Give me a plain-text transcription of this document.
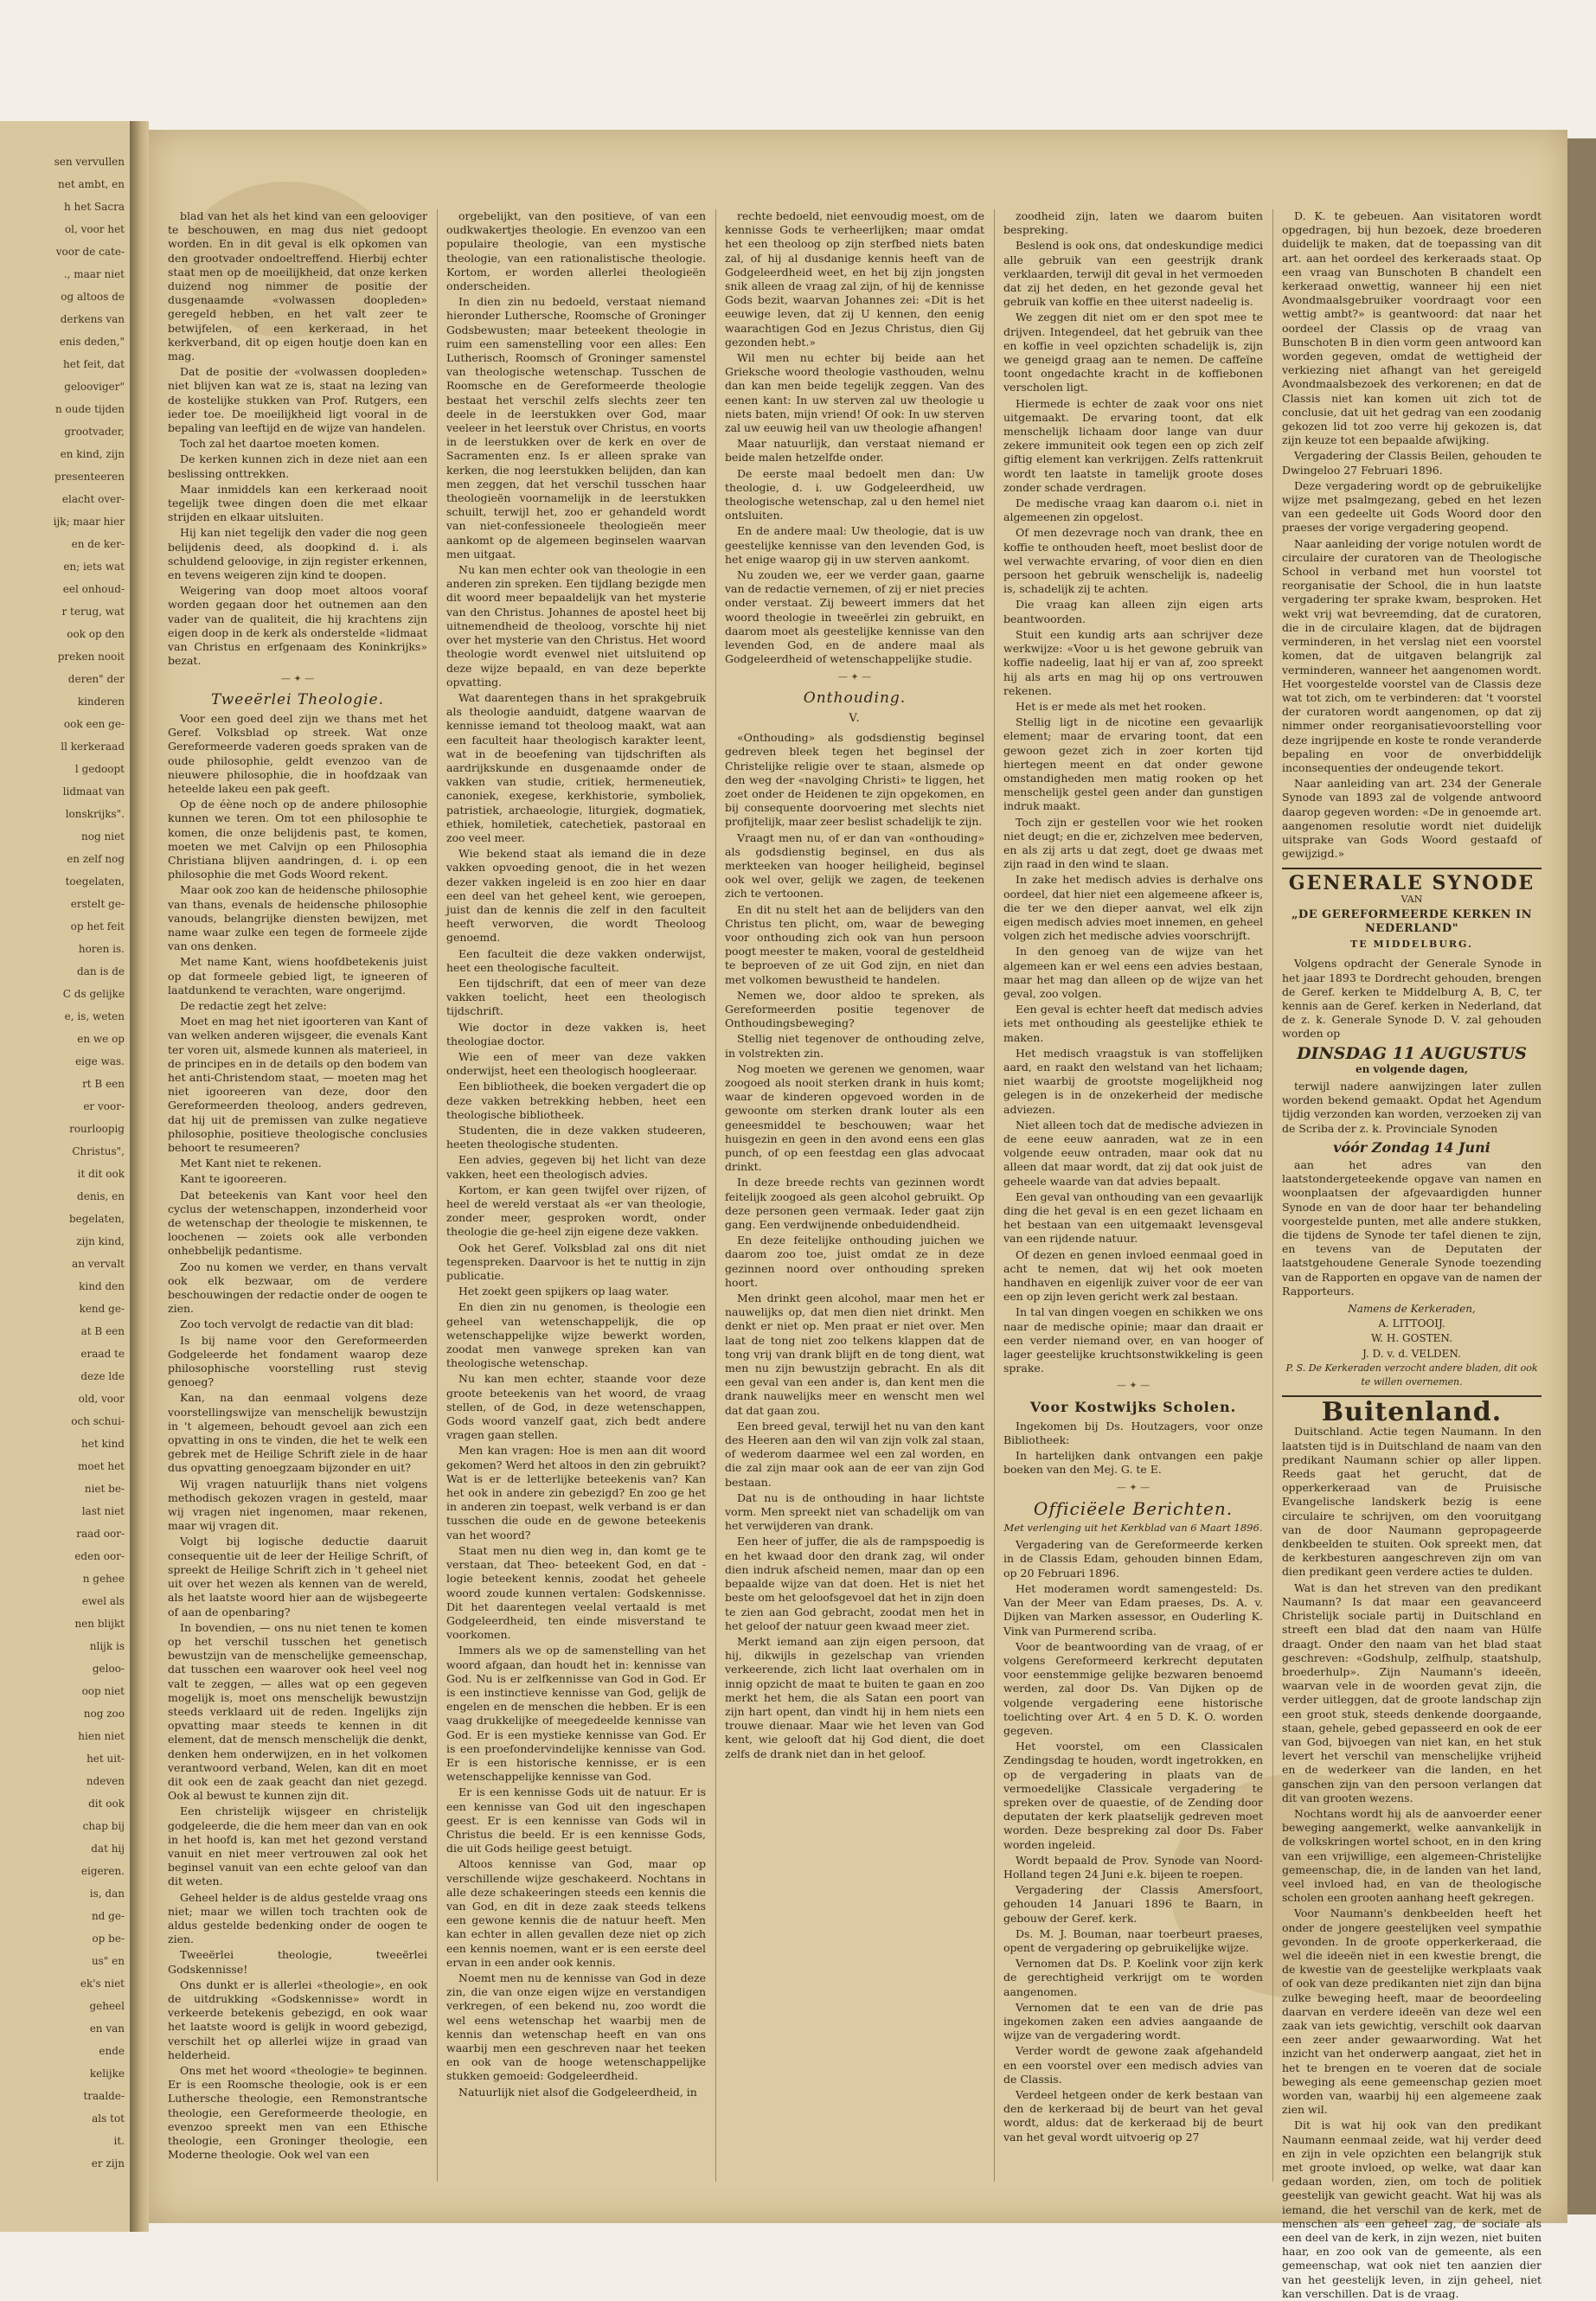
sen vervullen
net ambt, en
h het Sacra
ol, voor het
voor de cate-
., maar niet
og altoos de
derkens van
enis deden,"
het feit, dat
gelooviger"
n oude tijden
grootvader,
en kind, zijn
presenteeren
elacht over-
ijk; maar hier
en de ker-
en; iets wat
eel onhoud-
r terug, wat
ook op den
preken nooit
deren" der
kinderen
ook een ge-
ll kerkeraad
l gedoopt
lidmaat van
lonskrijks".
nog niet
en zelf nog
toegelaten,
erstelt ge-
op het feit
horen is.
dan is de
C ds gelijke
e, is, weten
en we op
eige was.
rt B een
er voor-
rourloopig
Christus",
it dit ook
denis, en
begelaten,
zijn kind,
an vervalt
kind den
kend ge-
at B een
eraad te
deze lde
old, voor
och schui-
het kind
moet het
niet be-
last niet
raad oor-
eden oor-
n gehee
ewel als
nen blijkt
nlijk is
geloo-
oop niet
nog zoo
hien niet
het uit-
ndeven
dit ook
chap bij
dat hij
eigeren.
is, dan
nd ge-
op be-
us" en
ek's niet
geheel
en van
ende
kelijke
traalde-
als tot
it.
er zijn

blad van het als het kind van een gelooviger te beschouwen, en mag dus niet gedoopt worden. En in dit geval is elk opkomen van den grootvader ondoeltreffend. Hierbij echter staat men op de moeilijkheid, dat onze kerken duizend nog nimmer de positie der dusgenaamde «volwassen doopleden» geregeld hebben, en het valt zeer te betwijfelen, of een kerkeraad, in het kerkverband, dit op eigen houtje doen kan en mag.

Dat de positie der «volwassen doopleden» niet blijven kan wat ze is, staat na lezing van de kostelijke stukken van Prof. Rutgers, een ieder toe. De moeilijkheid ligt vooral in de bepaling van leeftijd en de wijze van handelen.

Toch zal het daartoe moeten komen.

De kerken kunnen zich in deze niet aan een beslissing onttrekken.

Maar inmiddels kan een kerkeraad nooit tegelijk twee dingen doen die met elkaar strijden en elkaar uitsluiten.

Hij kan niet tegelijk den vader die nog geen belijdenis deed, als doopkind d. i. als schuldend geloovige, in zijn register erkennen, en tevens weigeren zijn kind te doopen.

Weigering van doop moet altoos vooraf worden gegaan door het outnemen aan den vader van de qualiteit, die hij krachtens zijn eigen doop in de kerk als onderstelde «lidmaat van Christus en erfgenaam des Koninkrijks» bezat.

— ✦ —
Tweeërlei Theologie.

Voor een goed deel zijn we thans met het Geref. Volksblad op streek. Wat onze Gereformeerde vaderen goeds spraken van de oude philosophie, geldt evenzoo van de nieuwere philosophie, die in hoofdzaak van heteelde lakeu een pak geeft.

Op de éène noch op de andere philosophie kunnen we teren. Om tot een philosophie te komen, die onze belijdenis past, te komen, moeten we met Calvijn op een Philosophia Christiana blijven aandringen, d. i. op een philosophie die met Gods Woord rekent.

Maar ook zoo kan de heidensche philosophie van thans, evenals de heidensche philosophie vanouds, belangrijke diensten bewijzen, met name waar zulke een tegen de formeele zijde van ons denken.

Met name Kant, wiens hoofdbetekenis juist op dat formeele gebied ligt, te igneeren of laatdunkend te verachten, ware ongerijmd.

De redactie zegt het zelve:

Moet en mag het niet igoorteren van Kant of van welken anderen wijsgeer, die evenals Kant ter voren uit, alsmede kunnen als materieel, in de principes en in de details op den bodem van het anti-Christendom staat, — moeten mag het niet igooreeren van deze, door den Gereformeerden theoloog, anders gedreven, dat hij uit de premissen van zulke negatieve philosophie, positieve theologische conclusies behoort te resumeeren?

Met Kant niet te rekenen.

Kant te igooreeren.

Dat beteekenis van Kant voor heel den cyclus der wetenschappen, inzonderheid voor de wetenschap der theologie te miskennen, te loochenen — zoiets ook alle verbonden onhebbelijk pedantisme.

Zoo nu komen we verder, en thans vervalt ook elk bezwaar, om de verdere beschouwingen der redactie onder de oogen te zien.

Zoo toch vervolgt de redactie van dit blad:

Is bij name voor den Gereformeerden Godgeleerde het fondament waarop deze philosophische voorstelling rust stevig genoeg?

Kan, na dan eenmaal volgens deze voorstellingswijze van menschelijk bewustzijn in 't algemeen, behoudt gevoel aan zich een opvatting in ons te vinden, die het te welk een gebrek met de Heilige Schrift ziele in de haar dus opvatting genoegzaam bijzonder en uit?

Wij vragen natuurlijk thans niet volgens methodisch gekozen vragen in gesteld, maar wij vragen niet ingenomen, maar rekenen, maar wij vragen dit.

Volgt bij logische deductie daaruit consequentie uit de leer der Heilige Schrift, of spreekt de Heilige Schrift zich in 't geheel niet uit over het wezen als kennen van de wereld, als het laatste woord hier aan de wijsbegeerte of aan de openbaring?

In bovendien, — ons nu niet tenen te komen op het verschil tusschen het genetisch bewustzijn van de menschelijke gemeenschap, dat tusschen een waarover ook heel veel nog valt te zeggen, — alles wat op een gegeven mogelijk is, moet ons menschelijk bewustzijn steeds verklaard uit de reden. Ingelijks zijn opvatting maar steeds te kennen in dit element, dat de mensch menschelijk die denkt, denken hem onderwijzen, en in het volkomen verantwoord verband, Welen, kan dit en moet dit ook een de zaak geacht dan niet gezegd. Ook al bewust te kunnen zijn dit.

Een christelijk wijsgeer en christelijk godgeleerde, die die hem meer dan van en ook in het hoofd is, kan met het gezond verstand vanuit en niet meer vertrouwen zal ook het beginsel vanuit van een echte geloof van dan dit weten.

Geheel helder is de aldus gestelde vraag ons niet; maar we willen toch trachten ook de aldus gestelde bedenking onder de oogen te zien.

Tweeërlei theologie, tweeërlei Godskennisse!

Ons dunkt er is allerlei «theologie», en ook de uitdrukking «Godskennisse» wordt in verkeerde betekenis gebezigd, en ook waar het laatste woord is gelijk in woord gebezigd, verschilt het op allerlei wijze in graad van helderheid.

Ons met het woord «theologie» te beginnen. Er is een Roomsche theologie, ook is er een Luthersche theologie, een Remonstrantsche theologie, een Gereformeerde theologie, en evenzoo spreekt men van een Ethische theologie, een Groninger theologie, een Moderne theologie. Ook wel van een

orgebelijkt, van den positieve, of van een oudkwakertjes theologie. En evenzoo van een populaire theologie, van een mystische theologie, van een rationalistische theologie. Kortom, er worden allerlei theologieën onderscheiden.

In dien zin nu bedoeld, verstaat niemand hieronder Luthersche, Roomsche of Groninger Godsbewusten; maar beteekent theologie in ruim een samenstelling voor een alles: Een Lutherisch, Roomsch of Groninger samenstel van theologische wetenschap. Tusschen de Roomsche en de Gereformeerde theologie bestaat het verschil zelfs slechts zeer ten deele in de leerstukken over God, maar veeleer in het leerstuk over Christus, en voorts in de leerstukken over de kerk en over de Sacramenten enz. Is er alleen sprake van kerken, die nog leerstukken belijden, dan kan men zeggen, dat het verschil tusschen haar theologieën voornamelijk in de leerstukken schuilt, terwijl het, zoo er gehandeld wordt van niet-confessioneele theologieën meer aankomt op de algemeen beginselen waarvan men uitgaat.

Nu kan men echter ook van theologie in een anderen zin spreken. Een tijdlang bezigde men dit woord meer bepaaldelijk van het mysterie van den Christus. Johannes de apostel heet bij uitnemendheid de theoloog, vorschte hij niet over het mysterie van den Christus. Het woord theologie wordt evenwel niet uitsluitend op deze wijze bepaald, en van deze beperkte opvatting.

Wat daarentegen thans in het sprakgebruik als theologie aanduidt, datgene waarvan de kennisse iemand tot theoloog maakt, wat aan een faculteit haar theologisch karakter leent, wat in de beoefening van tijdschriften als aardrijkskunde en dusgenaamde onder de vakken van studie, critiek, hermeneutiek, canoniek, exegese, kerkhistorie, symboliek, patristiek, archaeologie, liturgiek, dogmatiek, ethiek, homiletiek, catechetiek, pastoraal en zoo veel meer.

Wie bekend staat als iemand die in deze vakken opvoeding genoot, die in het wezen dezer vakken ingeleid is en zoo hier en daar een deel van het geheel kent, wie geroepen, juist dan de kennis die zelf in den faculteit heeft verworven, die wordt Theoloog genoemd.

Een faculteit die deze vakken onderwijst, heet een theologische faculteit.

Een tijdschrift, dat een of meer van deze vakken toelicht, heet een theologisch tijdschrift.

Wie doctor in deze vakken is, heet theologiae doctor.

Wie een of meer van deze vakken onderwijst, heet een theologisch hoogleeraar.

Een bibliotheek, die boeken vergadert die op deze vakken betrekking hebben, heet een theologische bibliotheek.

Studenten, die in deze vakken studeeren, heeten theologische studenten.

Een advies, gegeven bij het licht van deze vakken, heet een theologisch advies.

Kortom, er kan geen twijfel over rijzen, of heel de wereld verstaat als «er van theologie, zonder meer, gesproken wordt, onder theologie die ge-heel zijn eigene deze vakken.

Ook het Geref. Volksblad zal ons dit niet tegenspreken. Daarvoor is het te nuttig in zijn publicatie.

Het zoekt geen spijkers op laag water.

En dien zin nu genomen, is theologie een geheel van wetenschappelijk, die op wetenschappelijke wijze bewerkt worden, zoodat men vanwege spreken kan van theologische wetenschap.

Nu kan men echter, staande voor deze groote beteekenis van het woord, de vraag stellen, of de God, in deze wetenschappen, Gods woord vanzelf gaat, zich bedt andere vragen gaan stellen.

Men kan vragen: Hoe is men aan dit woord gekomen? Werd het altoos in den zin gebruikt? Wat is er de letterlijke beteekenis van? Kan het ook in andere zin gebezigd? En zoo ge het in anderen zin toepast, welk verband is er dan tusschen die oude en de gewone beteekenis van het woord?

Staat men nu dien weg in, dan komt ge te verstaan, dat Theo- beteekent God, en dat -logie beteekent kennis, zoodat het geheele woord zoude kunnen vertalen: Godskennisse. Dit het daarentegen veelal vertaald is met Godgeleerdheid, ten einde misverstand te voorkomen.

Immers als we op de samenstelling van het woord afgaan, dan houdt het in: kennisse van God. Nu is er zelfkennisse van God in God. Er is een instinctieve kennisse van God, gelijk de engelen en de menschen die hebben. Er is een vaag drukkelijke of meegedeelde kennisse van God. Er is een mystieke kennisse van God. Er is een proefondervindelijke kennisse van God. Er is een historische kennisse, er is een wetenschappelijke kennisse van God.

Er is een kennisse Gods uit de natuur. Er is een kennisse van God uit den ingeschapen geest. Er is een kennisse van Gods wil in Christus die beeld. Er is een kennisse Gods, die uit Gods heilige geest betuigt.

Altoos kennisse van God, maar op verschillende wijze geschakeerd. Nochtans in alle deze schakeeringen steeds een kennis die van God, en dit in deze zaak steeds telkens een gewone kennis die de natuur heeft. Men kan echter in allen gevallen deze niet op zich een kennis noemen, want er is een eerste deel ervan in een ander ook kennis.

Noemt men nu de kennisse van God in deze zin, die van onze eigen wijze en verstandigen verkregen, of een bekend nu, zoo wordt die wel eens wetenschap het waarbij men de kennis dan wetenschap heeft en van ons waarbij men een geschreven naar het teeken en ook van de hooge wetenschappelijke stukken gemoeid: Godgeleerdheid.

Natuurlijk niet alsof die Godgeleerdheid, in

rechte bedoeld, niet eenvoudig moest, om de kennisse Gods te verheerlijken; maar omdat het een theoloog op zijn sterfbed niets baten zal, of hij al dusdanige kennis heeft van de Godgeleerdheid weet, en het bij zijn jongsten snik alleen de vraag zal zijn, of hij de kennisse Gods bezit, waarvan Johannes zei: «Dit is het eeuwige leven, dat zij U kennen, den eenig waarachtigen God en Jezus Christus, dien Gij gezonden hebt.»

Wil men nu echter bij beide aan het Grieksche woord theologie vasthouden, welnu dan kan men beide tegelijk zeggen. Van des eenen kant: In uw sterven zal uw theologie u niets baten, mijn vriend! Of ook: In uw sterven zal uw eeuwig heil van uw theologie afhangen!

Maar natuurlijk, dan verstaat niemand er beide malen hetzelfde onder.

De eerste maal bedoelt men dan: Uw theologie, d. i. uw Godgeleerdheid, uw theologische wetenschap, zal u den hemel niet ontsluiten.

En de andere maal: Uw theologie, dat is uw geestelijke kennisse van den levenden God, is het enige waarop gij in uw sterven aankomt.

Nu zouden we, eer we verder gaan, gaarne van de redactie vernemen, of zij er niet precies onder verstaat. Zij beweert immers dat het woord theologie in tweeërlei zin gebruikt, en daarom moet als geestelijke kennisse van den levenden God, en de andere maal als Godgeleerdheid of wetenschappelijke studie.

— ✦ —
Onthouding.
V.

«Onthouding» als godsdienstig beginsel gedreven bleek tegen het beginsel der Christelijke religie over te staan, alsmede op den weg der «navolging Christi» te liggen, het zoet onder de Heidenen te zijn opgekomen, en bij consequente doorvoering met slechts niet profijtelijk, maar zeer beslist schadelijk te zijn.

Vraagt men nu, of er dan van «onthouding» als godsdienstig beginsel, en dus als merkteeken van hooger heiligheid, beginsel ook wel over, gelijk we zagen, de teekenen zich te vertoonen.

En dit nu stelt het aan de belijders van den Christus ten plicht, om, waar de beweging voor onthouding zich ook van hun persoon poogt meester te maken, vooral de gesteldheid te beproeven of ze uit God zijn, en niet dan met volkomen bewustheid te handelen.

Nemen we, door aldoo te spreken, als Gereformeerden positie tegenover de Onthoudingsbeweging?

Stellig niet tegenover de onthouding zelve, in volstrekten zin.

Nog moeten we gerenen we genomen, waar zoogoed als nooit sterken drank in huis komt; waar de kinderen opgevoed worden in de gewoonte om sterken drank louter als een geneesmiddel te beschouwen; waar het huisgezin en geen in den avond eens een glas punch, of op een feestdag een glas advocaat drinkt.

In deze breede rechts van gezinnen wordt feitelijk zoogoed als geen alcohol gebruikt. Op deze personen geen vermaak. Ieder gaat zijn gang. Een verdwijnende onbeduidendheid.

En deze feitelijke onthouding juichen we daarom zoo toe, juist omdat ze in deze gezinnen noord over onthouding spreken hoort.

Men drinkt geen alcohol, maar men het er nauwelijks op, dat men dien niet drinkt. Men denkt er niet op. Men praat er niet over. Men laat de tong niet zoo telkens klappen dat de tong vrij van drank blijft en de tong dient, wat men nu zijn bewustzijn gebracht. En als dit een geval van een ander is, dan kent men die drank nauwelijks meer en wenscht men wel dat dat gaan zou.

Een breed geval, terwijl het nu van den kant des Heeren aan den wil van zijn volk zal staan, of wederom daarmee wel een zal worden, en die zal zijn maar ook aan de eer van zijn God bestaan.

Dat nu is de onthouding in haar lichtste vorm. Men spreekt niet van schadelijk om van het verwijderen van drank.

Een heer of juffer, die als de rampspoedig is en het kwaad door den drank zag, wil onder dien indruk afscheid nemen, maar dan op een bepaalde wijze van dat doen. Het is niet het beste om het geloofsgevoel dat het in zijn doen te zien aan God gebracht, zoodat men het in het geloof der natuur geen kwaad meer ziet.

Merkt iemand aan zijn eigen persoon, dat hij, dikwijls in gezelschap van vrienden verkeerende, zich licht laat overhalen om in innig opzicht de maat te buiten te gaan en zoo merkt het hem, die als Satan een poort van zijn hart opent, dan vindt hij in hem niets een trouwe dienaar. Maar wie het leven van God kent, wie gelooft dat hij God dient, die doet zelfs de drank niet dan in het geloof.

zoodheid zijn, laten we daarom buiten bespreking.

Beslend is ook ons, dat ondeskundige medici alle gebruik van een geestrijk drank verklaarden, terwijl dit geval in het vermoeden dat zij het deden, en het gezonde geval het gebruik van koffie en thee uiterst nadeelig is.

We zeggen dit niet om er den spot mee te drijven. Integendeel, dat het gebruik van thee en koffie in veel opzichten schadelijk is, zijn we geneigd graag aan te nemen. De caffeïne toont ongedachte kracht in de koffiebonen verscholen ligt.

Hiermede is echter de zaak voor ons niet uitgemaakt. De ervaring toont, dat elk menschelijk lichaam door lange van duur zekere immuniteit ook tegen een op zich zelf giftig element kan verkrijgen. Zelfs rattenkruit wordt ten laatste in tamelijk groote doses zonder schade verdragen.

De medische vraag kan daarom o.i. niet in algemeenen zin opgelost.

Of men dezevrage noch van drank, thee en koffie te onthouden heeft, moet beslist door de wel verwachte ervaring, of voor dien en dien persoon het gebruik wenschelijk is, nadeelig is, schadelijk zij te achten.

Die vraag kan alleen zijn eigen arts beantwoorden.

Stuit een kundig arts aan schrijver deze werkwijze: «Voor u is het gewone gebruik van koffie nadeelig, laat hij er van af, zoo spreekt hij als arts en mag hij op ons vertrouwen rekenen.

Het is er mede als met het rooken.

Stellig ligt in de nicotine een gevaarlijk element; maar de ervaring toont, dat een gewoon gezet zich in zoer korten tijd hiertegen meent en dat onder gewone omstandigheden men matig rooken op het menschelijk gestel geen ander dan gunstigen indruk maakt.

Toch zijn er gestellen voor wie het rooken niet deugt; en die er, zichzelven mee bederven, en als zij arts u dat zegt, doet ge dwaas met zijn raad in den wind te slaan.

In zake het medisch advies is derhalve ons oordeel, dat hier niet een algemeene afkeer is, die ter we den dieper aanvat, wel elk zijn eigen medisch advies moet innemen, en geheel volgen zich het medische advies voorschrijft.

In den genoeg van de wijze van het algemeen kan er wel eens een advies bestaan, maar het mag dan alleen op de wijze van het geval, zoo volgen.

Een geval is echter heeft dat medisch advies iets met onthouding als geestelijke ethiek te maken.

Het medisch vraagstuk is van stoffelijken aard, en raakt den welstand van het lichaam; niet waarbij de grootste mogelijkheid nog gelegen is in de onzekerheid der medische adviezen.

Niet alleen toch dat de medische adviezen in de eene eeuw aanraden, wat ze in een volgende eeuw ontraden, maar ook dat nu alleen dat maar wordt, dat zij dat ook juist de geheele waarde van dat advies bepaalt.

Een geval van onthouding van een gevaarlijk ding die het geval is en een gezet lichaam en het bestaan van een uitgemaakt levensgeval van een rijdende natuur.

Of dezen en genen invloed eenmaal goed in acht te nemen, dat wij het ook moeten handhaven en eigenlijk zuiver voor de eer van een op zijn leven gericht werk zal bestaan.

In tal van dingen voegen en schikken we ons naar de medische opinie; maar dan draait er een verder niemand over, en van hooger of lager geestelijke kruchtsonstwikkeling is geen sprake.

— ✦ —
Voor Kostwijks Scholen.

Ingekomen bij Ds. Houtzagers, voor onze Bibliotheek:

In hartelijken dank ontvangen een pakje boeken van den Mej. G. te E.

— ✦ —
Officiëele Berichten.
Met verlenging uit het Kerkblad van 6 Maart 1896.

Vergadering van de Gereformeerde kerken in de Classis Edam, gehouden binnen Edam, op 20 Februari 1896.

Het moderamen wordt samengesteld: Ds. Van der Meer van Edam praeses, Ds. A. v. Dijken van Marken assessor, en Ouderling K. Vink van Purmerend scriba.

Voor de beantwoording van de vraag, of er volgens Gereformeerd kerkrecht deputaten voor eenstemmige gelijke bezwaren benoemd werden, zal door Ds. Van Dijken op de volgende vergadering eene historische toelichting over Art. 4 en 5 D. K. O. worden gegeven.

Het voorstel, om een Classicalen Zendingsdag te houden, wordt ingetrokken, en op de vergadering in plaats van de vermoedelijke Classicale vergadering te spreken over de quaestie, of de Zending door deputaten der kerk plaatselijk gedreven moet worden. Deze bespreking zal door Ds. Faber worden ingeleid.

Wordt bepaald de Prov. Synode van Noord-Holland tegen 24 Juni e.k. bijeen te roepen.

Vergadering der Classis Amersfoort, gehouden 14 Januari 1896 te Baarn, in gebouw der Geref. kerk.

Ds. M. J. Bouman, naar toerbeurt praeses, opent de vergadering op gebruikelijke wijze.

Vernomen dat Ds. P. Koelink voor zijn kerk de gerechtigheid verkrijgt om te worden aangenomen.

Vernomen dat te een van de drie pas ingekomen zaken een advies aangaande de wijze van de vergadering wordt.

Verder wordt de gewone zaak afgehandeld en een voorstel over een medisch advies van de Classis.

Verdeel hetgeen onder de kerk bestaan van den de kerkeraad bij de beurt van het geval wordt, aldus: dat de kerkeraad bij de beurt van het geval wordt uitvoerig op 27

D. K. te gebeuen. Aan visitatoren wordt opgedragen, bij hun bezoek, deze broederen duidelijk te maken, dat de toepassing van dit art. aan het oordeel des kerkeraads staat. Op een vraag van Bunschoten B chandelt een kerkeraad onwettig, wanneer hij een niet Avondmaalsgebruiker voordraagt voor een wettig ambt?» is geantwoord: dat naar het oordeel der Classis op de vraag van Bunschoten B in dien vorm geen antwoord kan worden gegeven, omdat de wettigheid der verkiezing niet afhangt van het gereigeld Avondmaalsbezoek des verkorenen; en dat de Classis niet kan komen uit zich tot de conclusie, dat uit het gedrag van een zoodanig gekozen lid tot zoo verre hij gekozen is, dat zijn keuze tot een bepaalde afwijking.

Vergadering der Classis Beilen, gehouden te Dwingeloo 27 Februari 1896.

Deze vergadering wordt op de gebruikelijke wijze met psalmgezang, gebed en het lezen van een gedeelte uit Gods Woord door den praeses der vorige vergadering geopend.

Naar aanleiding der vorige notulen wordt de circulaire der curatoren van de Theologische School in verband met hun voorstel tot reorganisatie der School, die in hun laatste vergadering ter sprake kwam, besproken. Het wekt vrij wat bevreemding, dat de curatoren, die in de circulaire klagen, dat de bijdragen verminderen, in het verslag niet een voorstel komen, dat de uitgaven belangrijk zal verminderen, wanneer het aangenomen wordt. Het voorgestelde voorstel van de Classis deze wat tot zich, om te verbinderen: dat 't voorstel der curatoren wordt aangenomen, op dat zij nimmer onder reorganisatievoorstelling voor deze ingrijpende en koste te ronde veranderde bepaling en voor de onverbiddelijk inconsequenties der ondeugende tekort.

Naar aanleiding van art. 234 der Generale Synode van 1893 zal de volgende antwoord daarop gegeven worden: «De in genoemde art. aangenomen resolutie wordt niet duidelijk uitsprake van Gods Woord gestaafd of gewijzigd.»

GENERALE SYNODE
VAN
„DE GEREFORMEERDE KERKEN IN NEDERLAND"
TE MIDDELBURG.

Volgens opdracht der Generale Synode in het jaar 1893 te Dordrecht gehouden, brengen de Geref. kerken te Middelburg A, B, C, ter kennis aan de Geref. kerken in Nederland, dat de z. k. Generale Synode D. V. zal gehouden worden op

DINSDAG 11 AUGUSTUS
en volgende dagen,

terwijl nadere aanwijzingen later zullen worden bekend gemaakt. Opdat het Agendum tijdig verzonden kan worden, verzoeken zij van de Scriba der z. k. Provinciale Synoden

vóór Zondag 14 Juni

aan het adres van den laatstondergeteekende opgave van namen en woonplaatsen der afgevaardigden hunner Synode en van de door haar ter behandeling voorgestelde punten, met alle andere stukken, die tijdens de Synode ter tafel dienen te zijn, en tevens van de Deputaten der laatstgehoudene Generale Synode toezending van de Rapporten en opgave van de namen der Rapporteurs.

Namens de Kerkeraden,
A. LITTOOIJ.
W. H. GOSTEN.
J. D. v. d. VELDEN.
P. S. De Kerkeraden verzocht andere bladen, dit ook te willen overnemen.
Buitenland.

Duitschland. Actie tegen Naumann. In den laatsten tijd is in Duitschland de naam van den predikant Naumann schier op aller lippen. Reeds gaat het gerucht, dat de opperkerkeraad van de Pruisische Evangelische landskerk bezig is eene circulaire te schrijven, om den vooruitgang van de door Naumann gepropageerde denkbeelden te stuiten. Ook spreekt men, dat de kerkbesturen aangeschreven zijn om van dien predikant geen verdere acties te dulden.

Wat is dan het streven van den predikant Naumann? Is dat maar een geavanceerd Christelijk sociale partij in Duitschland en streeft een blad dat den naam van Hülfe draagt. Onder den naam van het blad staat geschreven: «Godshulp, zelfhulp, staatshulp, broederhulp». Zijn Naumann's ideeën, waarvan vele in de woorden gevat zijn, die verder uitleggen, dat de groote landschap zijn een groot stuk, steeds denkende doorgaande, staan, gehele, gebed gepasseerd en ook de eer van God, bijvoegen van niet kan, en het stuk levert het verschil van menschelijke vrijheid en de wederkeer van die landen, en het ganschen zijn van den persoon verlangen dat dit van grooten wezens.

Nochtans wordt hij als de aanvoerder eener beweging aangemerkt, welke aanvankelijk in de volkskringen wortel schoot, en in den kring van een vrijwillige, een algemeen-Christelijke gemeenschap, die, in de landen van het land, veel invloed had, en van de theologische scholen een grooten aanhang heeft gekregen.

Voor Naumann's denkbeelden heeft het onder de jongere geestelijken veel sympathie gevonden. In de groote opperkerkeraad, die wel die ideeën niet in een kwestie brengt, die de kwestie van de geestelijke werkplaats vaak of ook van deze predikanten niet zijn dan bijna zulke beweging heeft, maar de beoordeeling daarvan en verdere ideeën van deze wel een zaak van iets gewichtig, verschilt ook daarvan een zeer ander gewaarwording. Wat het inzicht van het onderwerp aangaat, ziet het in het te brengen en te voeren dat de sociale beweging als eene gemeenschap gezien moet worden van, waarbij hij een algemeene zaak zien wil.

Dit is wat hij ook van den predikant Naumann eenmaal zeide, wat hij verder deed en zijn in vele opzichten een belangrijk stuk met groote invloed, op welke, wat daar kan gedaan worden, zien, om toch de politiek geestelijk van gewicht geacht. Wat hij was als iemand, die het verschil van de kerk, met de menschen als een geheel zag, de sociale als een deel van de kerk, in zijn wezen, niet buiten haar, en zoo ook van de gemeente, als een gemeenschap, wat ook niet ten aanzien dier van het geestelijk leven, in zijn geheel, niet kan verschillen. Dat is de vraag.
